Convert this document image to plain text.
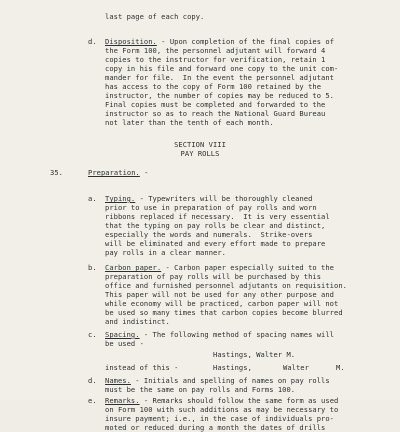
last page of each copy.
d. Disposition. - Upon completion of the final copies of
the Form 100, the personnel adjutant will forward 4
copies to the instructor for verification, retain 1
copy in his file and forward one copy to the unit com-
mander for file.  In the event the personnel adjutant
has access to the copy of Form 100 retained by the
instructor, the number of copies may be reduced to 5.
Final copies must be completed and forwarded to the
instructor so as to reach the National Guard Bureau
not later than the tenth of each month.
SECTION VIII
PAY ROLLS
35.	Preparation. -
a. Typing. - Typewriters will be thoroughly cleaned
prior to use in preparation of pay rolls and worn
ribbons replaced if necessary.  It is very essential
that the typing on pay rolls be clear and distinct,
especially the words and numerals.  Strike-overs
will be eliminated and every effort made to prepare
pay rolls in a clear manner.
b. Carbon paper. - Carbon paper especially suited to the
preparation of pay rolls will be purchased by this
office and furnished personnel adjutants on requisition.
This paper will not be used for any other purpose and
while economy will be practiced, carbon paper will not
be used so many times that carbon copies become blurred
and indistinct.
c. Spacing. - The following method of spacing names will
be used -
Hastings, Walter M.
instead of this -	Hastings,	Walter	M.
d. Names. - Initials and spelling of names on pay rolls
must be the same on pay rolls and Forms 100.
e. Remarks. - Remarks should follow the same form as used
on Form 100 with such additions as may be necessary to
insure payment; i.e., in the case of individuals pro-
moted or reduced during a month the dates of drills
